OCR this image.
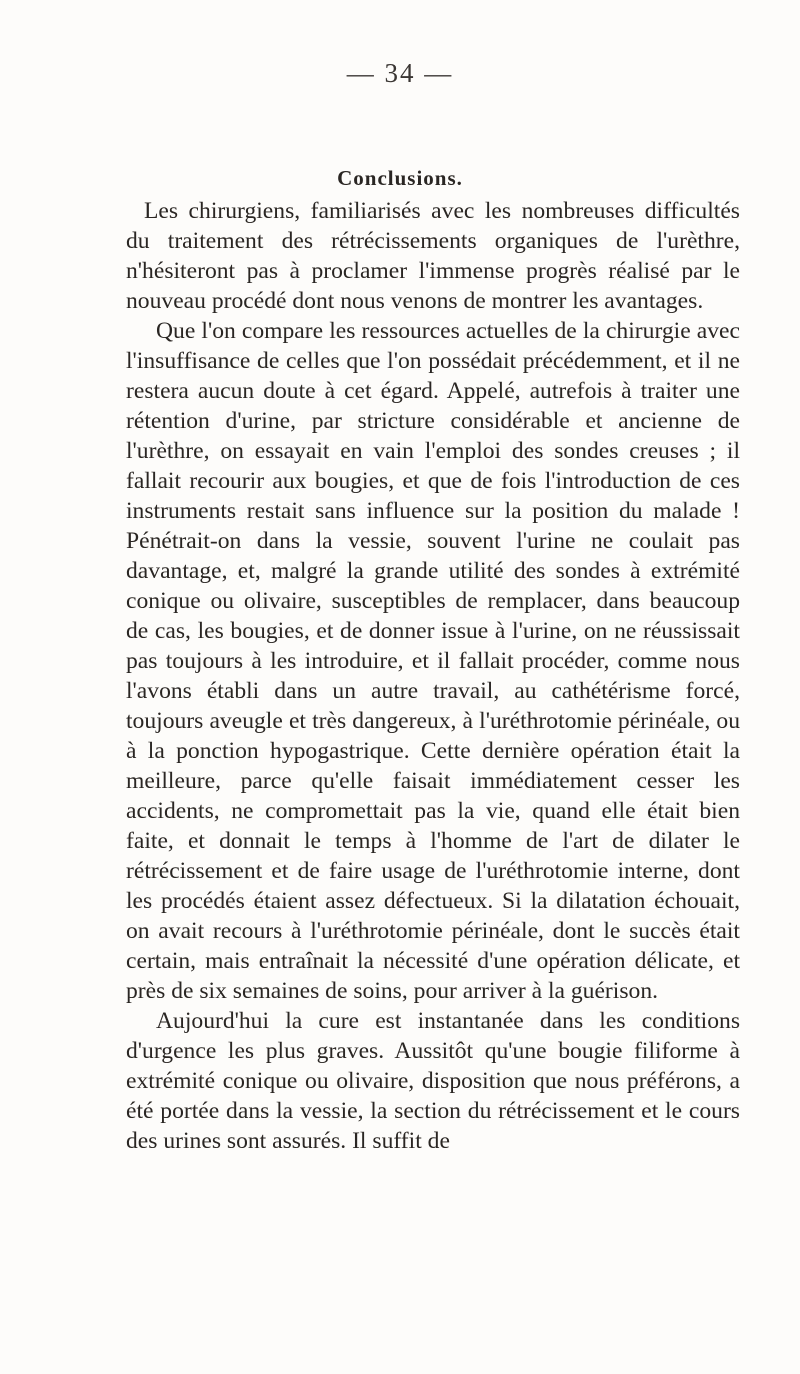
— 34 —
Conclusions.

Les chirurgiens, familiarisés avec les nombreuses difficultés du traitement des rétrécissements organiques de l'urèthre, n'hésiteront pas à proclamer l'immense progrès réalisé par le nouveau procédé dont nous venons de montrer les avantages.

Que l'on compare les ressources actuelles de la chirurgie avec l'insuffisance de celles que l'on possédait précédemment, et il ne restera aucun doute à cet égard. Appelé, autrefois à traiter une rétention d'urine, par stricture considérable et ancienne de l'urèthre, on essayait en vain l'emploi des sondes creuses ; il fallait recourir aux bougies, et que de fois l'introduction de ces instruments restait sans influence sur la position du malade ! Pénétrait-on dans la vessie, souvent l'urine ne coulait pas davantage, et, malgré la grande utilité des sondes à extrémité conique ou olivaire, susceptibles de remplacer, dans beaucoup de cas, les bougies, et de donner issue à l'urine, on ne réussissait pas toujours à les introduire, et il fallait procéder, comme nous l'avons établi dans un autre travail, au cathétérisme forcé, toujours aveugle et très dangereux, à l'uréthrotomie périnéale, ou à la ponction hypogastrique. Cette dernière opération était la meilleure, parce qu'elle faisait immédiatement cesser les accidents, ne compromettait pas la vie, quand elle était bien faite, et donnait le temps à l'homme de l'art de dilater le rétrécissement et de faire usage de l'uréthrotomie interne, dont les procédés étaient assez défectueux. Si la dilatation échouait, on avait recours à l'uréthrotomie périnéale, dont le succès était certain, mais entraînait la nécessité d'une opération délicate, et près de six semaines de soins, pour arriver à la guérison.

Aujourd'hui la cure est instantanée dans les conditions d'urgence les plus graves. Aussitôt qu'une bougie filiforme à extrémité conique ou olivaire, disposition que nous préférons, a été portée dans la vessie, la section du rétrécissement et le cours des urines sont assurés. Il suffit de
